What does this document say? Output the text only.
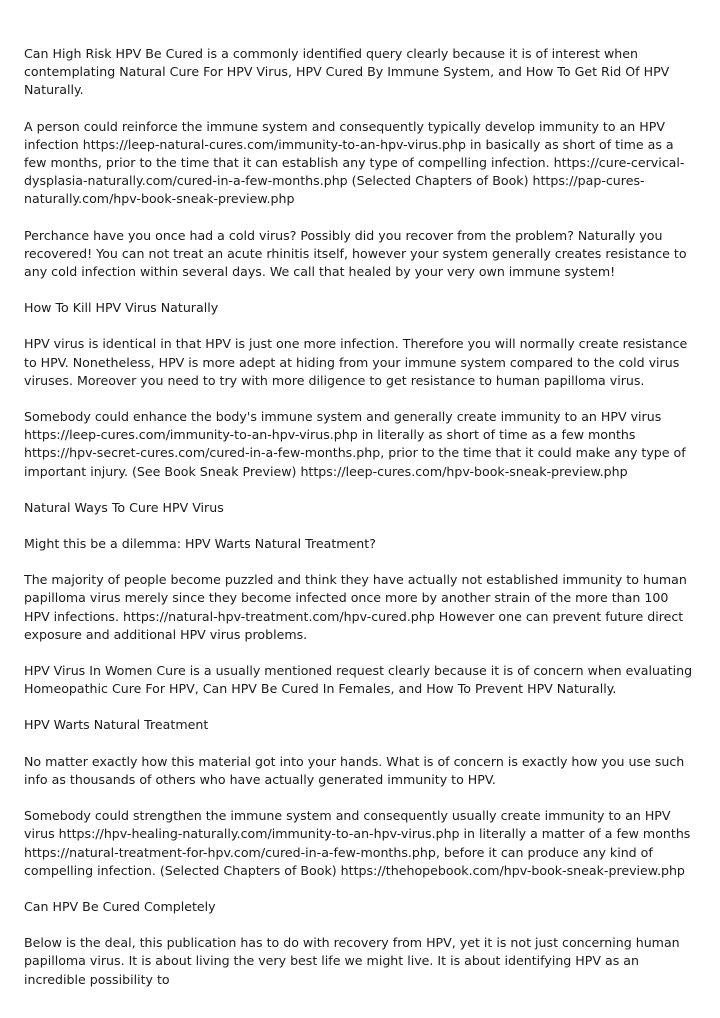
Can High Risk HPV Be Cured is a commonly identified query clearly because it is of interest when contemplating Natural Cure For HPV Virus, HPV Cured By Immune System, and How To Get Rid Of HPV Naturally.

A person could reinforce the immune system and consequently typically develop immunity to an HPV infection https://leep-natural-cures.com/immunity-to-an-hpv-virus.php in basically as short of time as a few months, prior to the time that it can establish any type of compelling infection. https://cure-cervical-dysplasia-naturally.com/cured-in-a-few-months.php (Selected Chapters of Book) https://pap-cures-naturally.com/hpv-book-sneak-preview.php

Perchance have you once had a cold virus? Possibly did you recover from the problem? Naturally you recovered! You can not treat an acute rhinitis itself, however your system generally creates resistance to any cold infection within several days. We call that healed by your very own immune system!

How To Kill HPV Virus Naturally

HPV virus is identical in that HPV is just one more infection. Therefore you will normally create resistance to HPV. Nonetheless, HPV is more adept at hiding from your immune system compared to the cold virus viruses. Moreover you need to try with more diligence to get resistance to human papilloma virus.

Somebody could enhance the body's immune system and generally create immunity to an HPV virus https://leep-cures.com/immunity-to-an-hpv-virus.php in literally as short of time as a few months https://hpv-secret-cures.com/cured-in-a-few-months.php, prior to the time that it could make any type of important injury. (See Book Sneak Preview) https://leep-cures.com/hpv-book-sneak-preview.php

Natural Ways To Cure HPV Virus

Might this be a dilemma: HPV Warts Natural Treatment?

The majority of people become puzzled and think they have actually not established immunity to human papilloma virus merely since they become infected once more by another strain of the more than 100 HPV infections. https://natural-hpv-treatment.com/hpv-cured.php However one can prevent future direct exposure and additional HPV virus problems.

HPV Virus In Women Cure is a usually mentioned request clearly because it is of concern when evaluating Homeopathic Cure For HPV, Can HPV Be Cured In Females, and How To Prevent HPV Naturally.

HPV Warts Natural Treatment

No matter exactly how this material got into your hands. What is of concern is exactly how you use such info as thousands of others who have actually generated immunity to HPV.

Somebody could strengthen the immune system and consequently usually create immunity to an HPV virus https://hpv-healing-naturally.com/immunity-to-an-hpv-virus.php in literally a matter of a few months https://natural-treatment-for-hpv.com/cured-in-a-few-months.php, before it can produce any kind of compelling infection. (Selected Chapters of Book) https://thehopebook.com/hpv-book-sneak-preview.php

Can HPV Be Cured Completely

Below is the deal, this publication has to do with recovery from HPV, yet it is not just concerning human papilloma virus. It is about living the very best life we might live. It is about identifying HPV as an incredible possibility to
